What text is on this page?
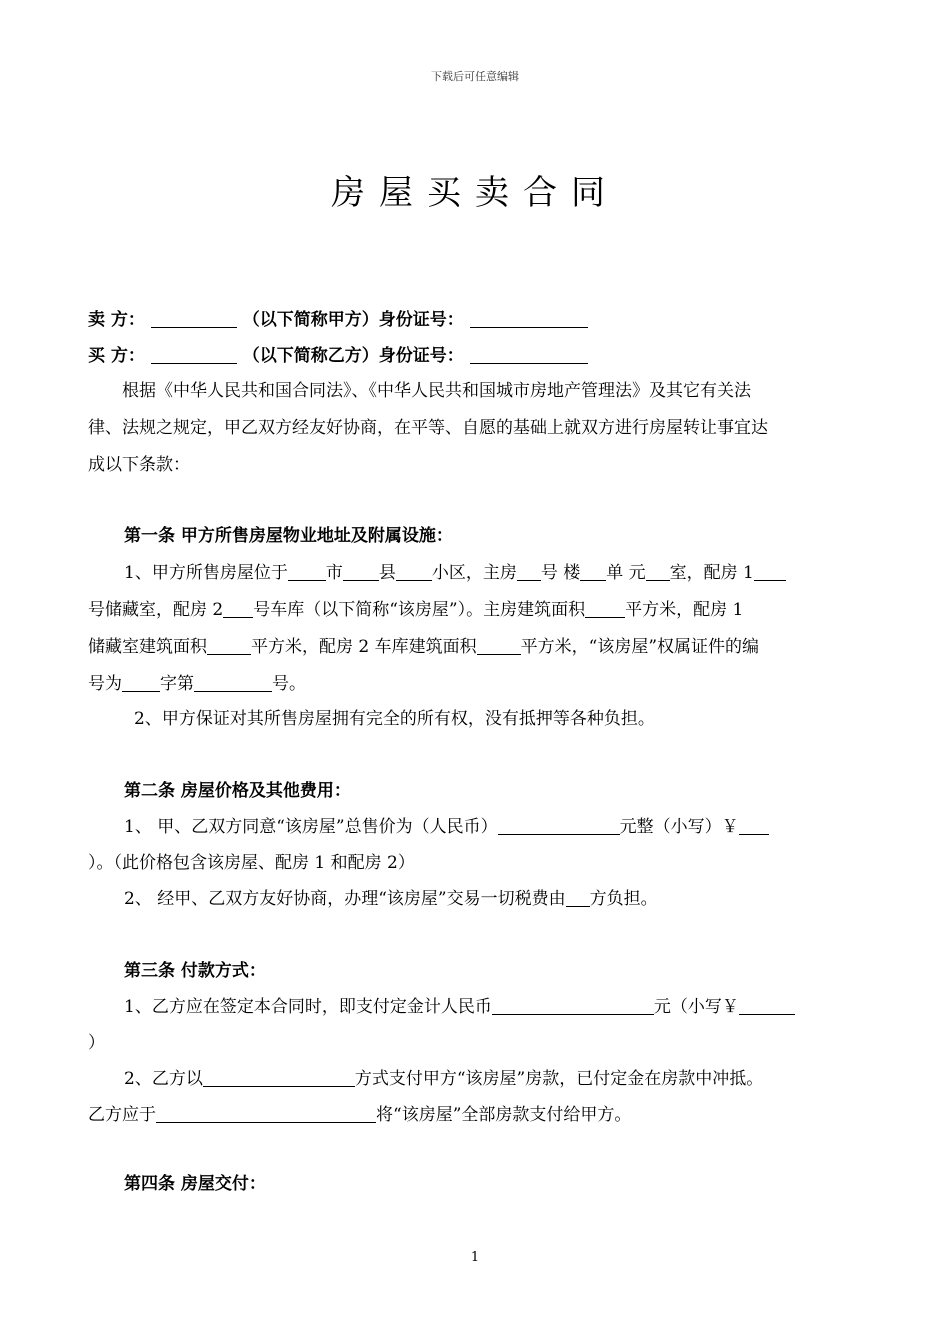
下载后可任意编辑
房屋买卖合同
卖 方：	（以下简称甲方）身份证号：
买 方：	（以下简称乙方）身份证号：
根据《中华人民共和国合同法》、《中华人民共和国城市房地产管理法》及其它有关法
律、法规之规定，甲乙双方经友好协商，在平等、自愿的基础上就双方进行房屋转让事宜达
成以下条款：
第一条 甲方所售房屋物业地址及附属设施：
1、甲方所售房屋位于 市 县 小区，主房 号 楼 单 元 室，配房 1
号储藏室，配房 2 号车库（以下简称“该房屋”）。主房建筑面积 平方米，配房 1
储藏室建筑面积	平方米，配房 2 车库建筑面积	平方米，“该房屋”权属证件的编
号为 字第	号。
2、甲方保证对其所售房屋拥有完全的所有权，没有抵押等各种负担。
第二条 房屋价格及其他费用：
1、 甲、乙双方同意“该房屋”总售价为（人民币）	元整（小写）￥
）。（此价格包含该房屋、配房 1 和配房 2）
2、 经甲、乙双方友好协商，办理“该房屋”交易一切税费由 方负担。
第三条 付款方式：
1、乙方应在签定本合同时，即支付定金计人民币	元（小写￥
）
2、乙方以	方式支付甲方“该房屋”房款，已付定金在房款中冲抵。
乙方应于	将“该房屋”全部房款支付给甲方。
第四条 房屋交付：
1
